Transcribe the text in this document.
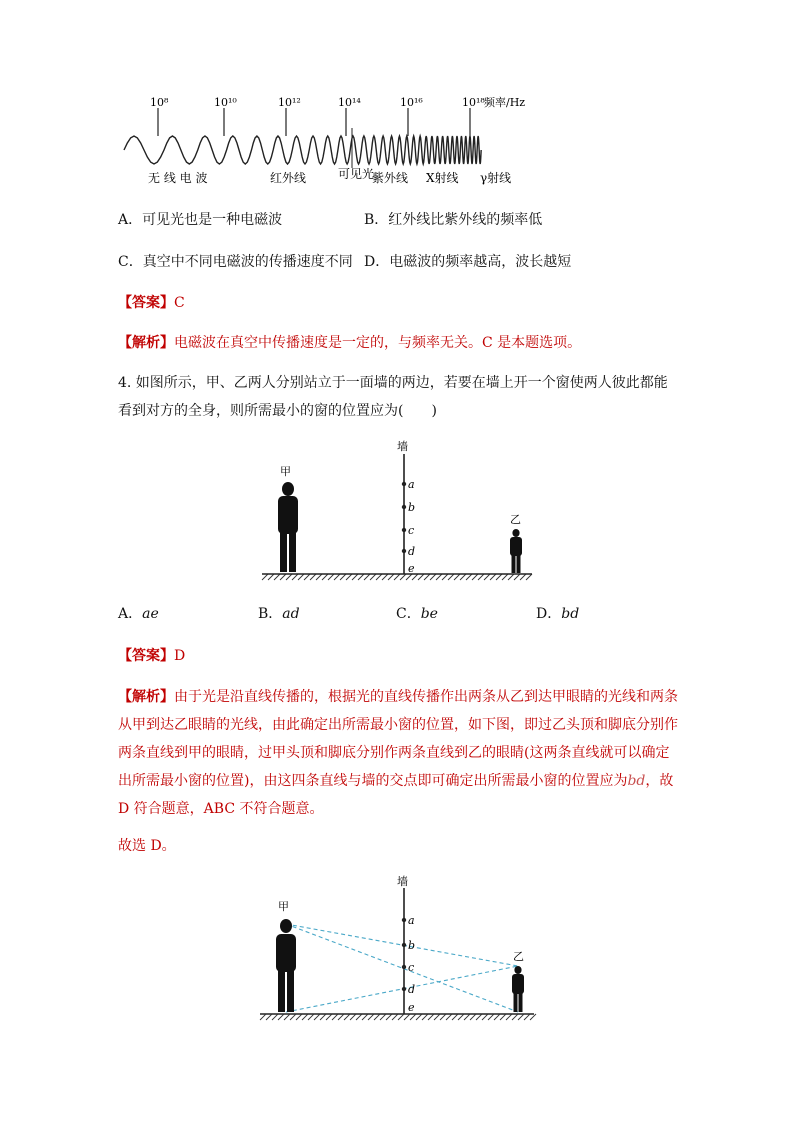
10⁸	10¹⁰	10¹²	10¹⁴	10¹⁶	10¹⁸ 频率/Hz
无 线 电 波	红外线	可见光
紫外线 X射线 γ射线
A．可见光也是一种电磁波	B．红外线比紫外线的频率低
C．真空中不同电磁波的传播速度不同 D．电磁波的频率越高，波长越短
【答案】C
【解析】电磁波在真空中传播速度是一定的，与频率无关。C 是本题选项。
4. 如图所示，甲、乙两人分别站立于一面墙的两边，若要在墙上开一个窗使两人彼此都能
看到对方的全身，则所需最小的窗的位置应为(　　)
墙
a
b
c
d
e
甲
乙
A．ae	B．ad	C．be	D．bd
【答案】D
【解析】由于光是沿直线传播的，根据光的直线传播作出两条从乙到达甲眼睛的光线和两条
从甲到达乙眼睛的光线，由此确定出所需最小窗的位置，如下图，即过乙头顶和脚底分别作
两条直线到甲的眼睛，过甲头顶和脚底分别作两条直线到乙的眼睛(这两条直线就可以确定
出所需最小窗的位置)，由这四条直线与墙的交点即可确定出所需最小窗的位置应为bd，故
D 符合题意，ABC 不符合题意。
故选 D。
墙
a
b
c
d
e
甲
乙
